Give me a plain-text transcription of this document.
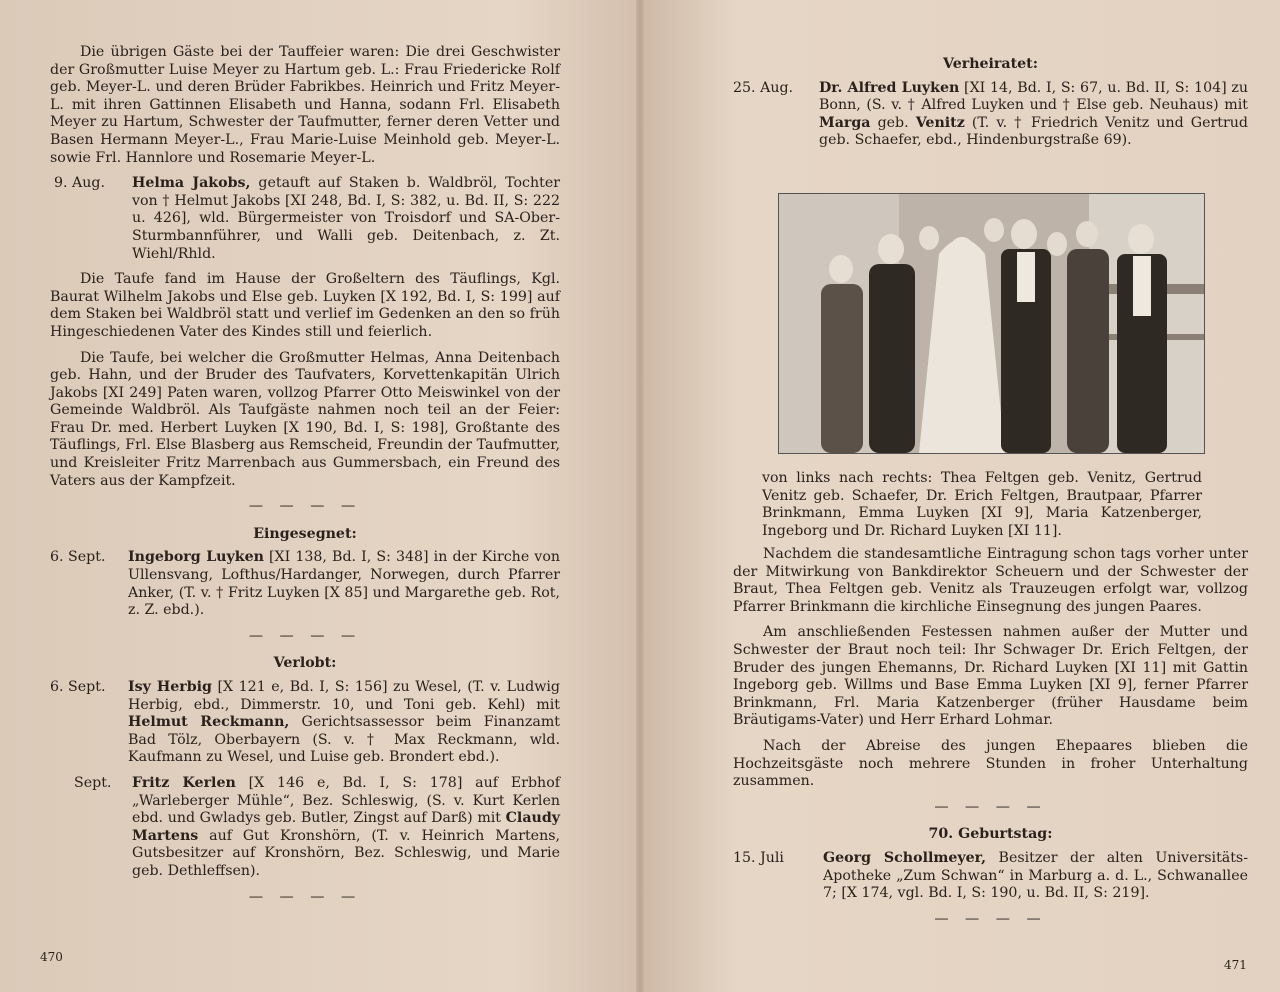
Die übrigen Gäste bei der Tauffeier waren: Die drei Geschwister der Großmutter Luise Meyer zu Hartum geb. L.: Frau Friedericke Rolf geb. Meyer-L. und deren Brüder Fabrikbes. Heinrich und Fritz Meyer-L. mit ihren Gattinnen Elisabeth und Hanna, sodann Frl. Elisabeth Meyer zu Hartum, Schwester der Taufmutter, ferner deren Vetter und Basen Hermann Meyer-L., Frau Marie-Luise Meinhold geb. Meyer-L. sowie Frl. Hannlore und Rosemarie Meyer-L.

9. Aug.	Helma Jakobs, getauft auf Staken b. Waldbröl, Tochter von † Helmut Jakobs [XI 248, Bd. I, S: 382, u. Bd. II, S: 222 u. 426], wld. Bürgermeister von Troisdorf und SA-Ober-Sturmbannführer, und Walli geb. Deitenbach, z. Zt. Wiehl/Rhld.

Die Taufe fand im Hause der Großeltern des Täuflings, Kgl. Baurat Wilhelm Jakobs und Else geb. Luyken [X 192, Bd. I, S: 199] auf dem Staken bei Waldbröl statt und verlief im Gedenken an den so früh Hingeschiedenen Vater des Kindes still und feierlich.

Die Taufe, bei welcher die Großmutter Helmas, Anna Deitenbach geb. Hahn, und der Bruder des Taufvaters, Korvettenkapitän Ulrich Jakobs [XI 249] Paten waren, vollzog Pfarrer Otto Meiswinkel von der Gemeinde Waldbröl. Als Taufgäste nahmen noch teil an der Feier: Frau Dr. med. Herbert Luyken [X 190, Bd. I, S: 198], Großtante des Täuflings, Frl. Else Blasberg aus Remscheid, Freundin der Taufmutter, und Kreisleiter Fritz Marrenbach aus Gummersbach, ein Freund des Vaters aus der Kampfzeit.

— — — —
Eingesegnet:
6. Sept.	Ingeborg Luyken [XI 138, Bd. I, S: 348] in der Kirche von Ullensvang, Lofthus/Hardanger, Norwegen, durch Pfarrer Anker, (T. v. † Fritz Luyken [X 85] und Margarethe geb. Rot, z. Z. ebd.).
— — — —
Verlobt:
6. Sept.	Isy Herbig [X 121 e, Bd. I, S: 156] zu Wesel, (T. v. Ludwig Herbig, ebd., Dimmerstr. 10, und Toni geb. Kehl) mit Helmut Reckmann, Gerichtsassessor beim Finanzamt Bad Tölz, Oberbayern (S. v. † Max Reckmann, wld. Kaufmann zu Wesel, und Luise geb. Brondert ebd.).
Sept.	Fritz Kerlen [X 146 e, Bd. I, S: 178] auf Erbhof „Warleberger Mühle“, Bez. Schleswig, (S. v. Kurt Kerlen ebd. und Gwladys geb. Butler, Zingst auf Darß) mit Claudy Martens auf Gut Kronshörn, (T. v. Heinrich Martens, Gutsbesitzer auf Kronshörn, Bez. Schleswig, und Marie geb. Dethleffsen).
— — — —
470
Verheiratet:
25. Aug.	Dr. Alfred Luyken [XI 14, Bd. I, S: 67, u. Bd. II, S: 104] zu Bonn, (S. v. † Alfred Luyken und † Else geb. Neuhaus) mit Marga geb. Venitz (T. v. † Friedrich Venitz und Gertrud geb. Schaefer, ebd., Hindenburgstraße 69).

von links nach rechts: Thea Feltgen geb. Venitz, Gertrud Venitz geb. Schaefer, Dr. Erich Feltgen, Brautpaar, Pfarrer Brinkmann, Emma Luyken [XI 9], Maria Katzenberger, Ingeborg und Dr. Richard Luyken [XI 11].

Nachdem die standesamtliche Eintragung schon tags vorher unter der Mitwirkung von Bankdirektor Scheuern und der Schwester der Braut, Thea Feltgen geb. Venitz als Trauzeugen erfolgt war, vollzog Pfarrer Brinkmann die kirchliche Einsegnung des jungen Paares.

Am anschließenden Festessen nahmen außer der Mutter und Schwester der Braut noch teil: Ihr Schwager Dr. Erich Feltgen, der Bruder des jungen Ehemanns, Dr. Richard Luyken [XI 11] mit Gattin Ingeborg geb. Willms und Base Emma Luyken [XI 9], ferner Pfarrer Brinkmann, Frl. Maria Katzenberger (früher Hausdame beim Bräutigams-Vater) und Herr Erhard Lohmar.

Nach der Abreise des jungen Ehepaares blieben die Hochzeitsgäste noch mehrere Stunden in froher Unterhaltung zusammen.

— — — —
70. Geburtstag:
15. Juli	Georg Schollmeyer, Besitzer der alten Universitäts-Apotheke „Zum Schwan“ in Marburg a. d. L., Schwanallee 7; [X 174, vgl. Bd. I, S: 190, u. Bd. II, S: 219].
— — — —
471
